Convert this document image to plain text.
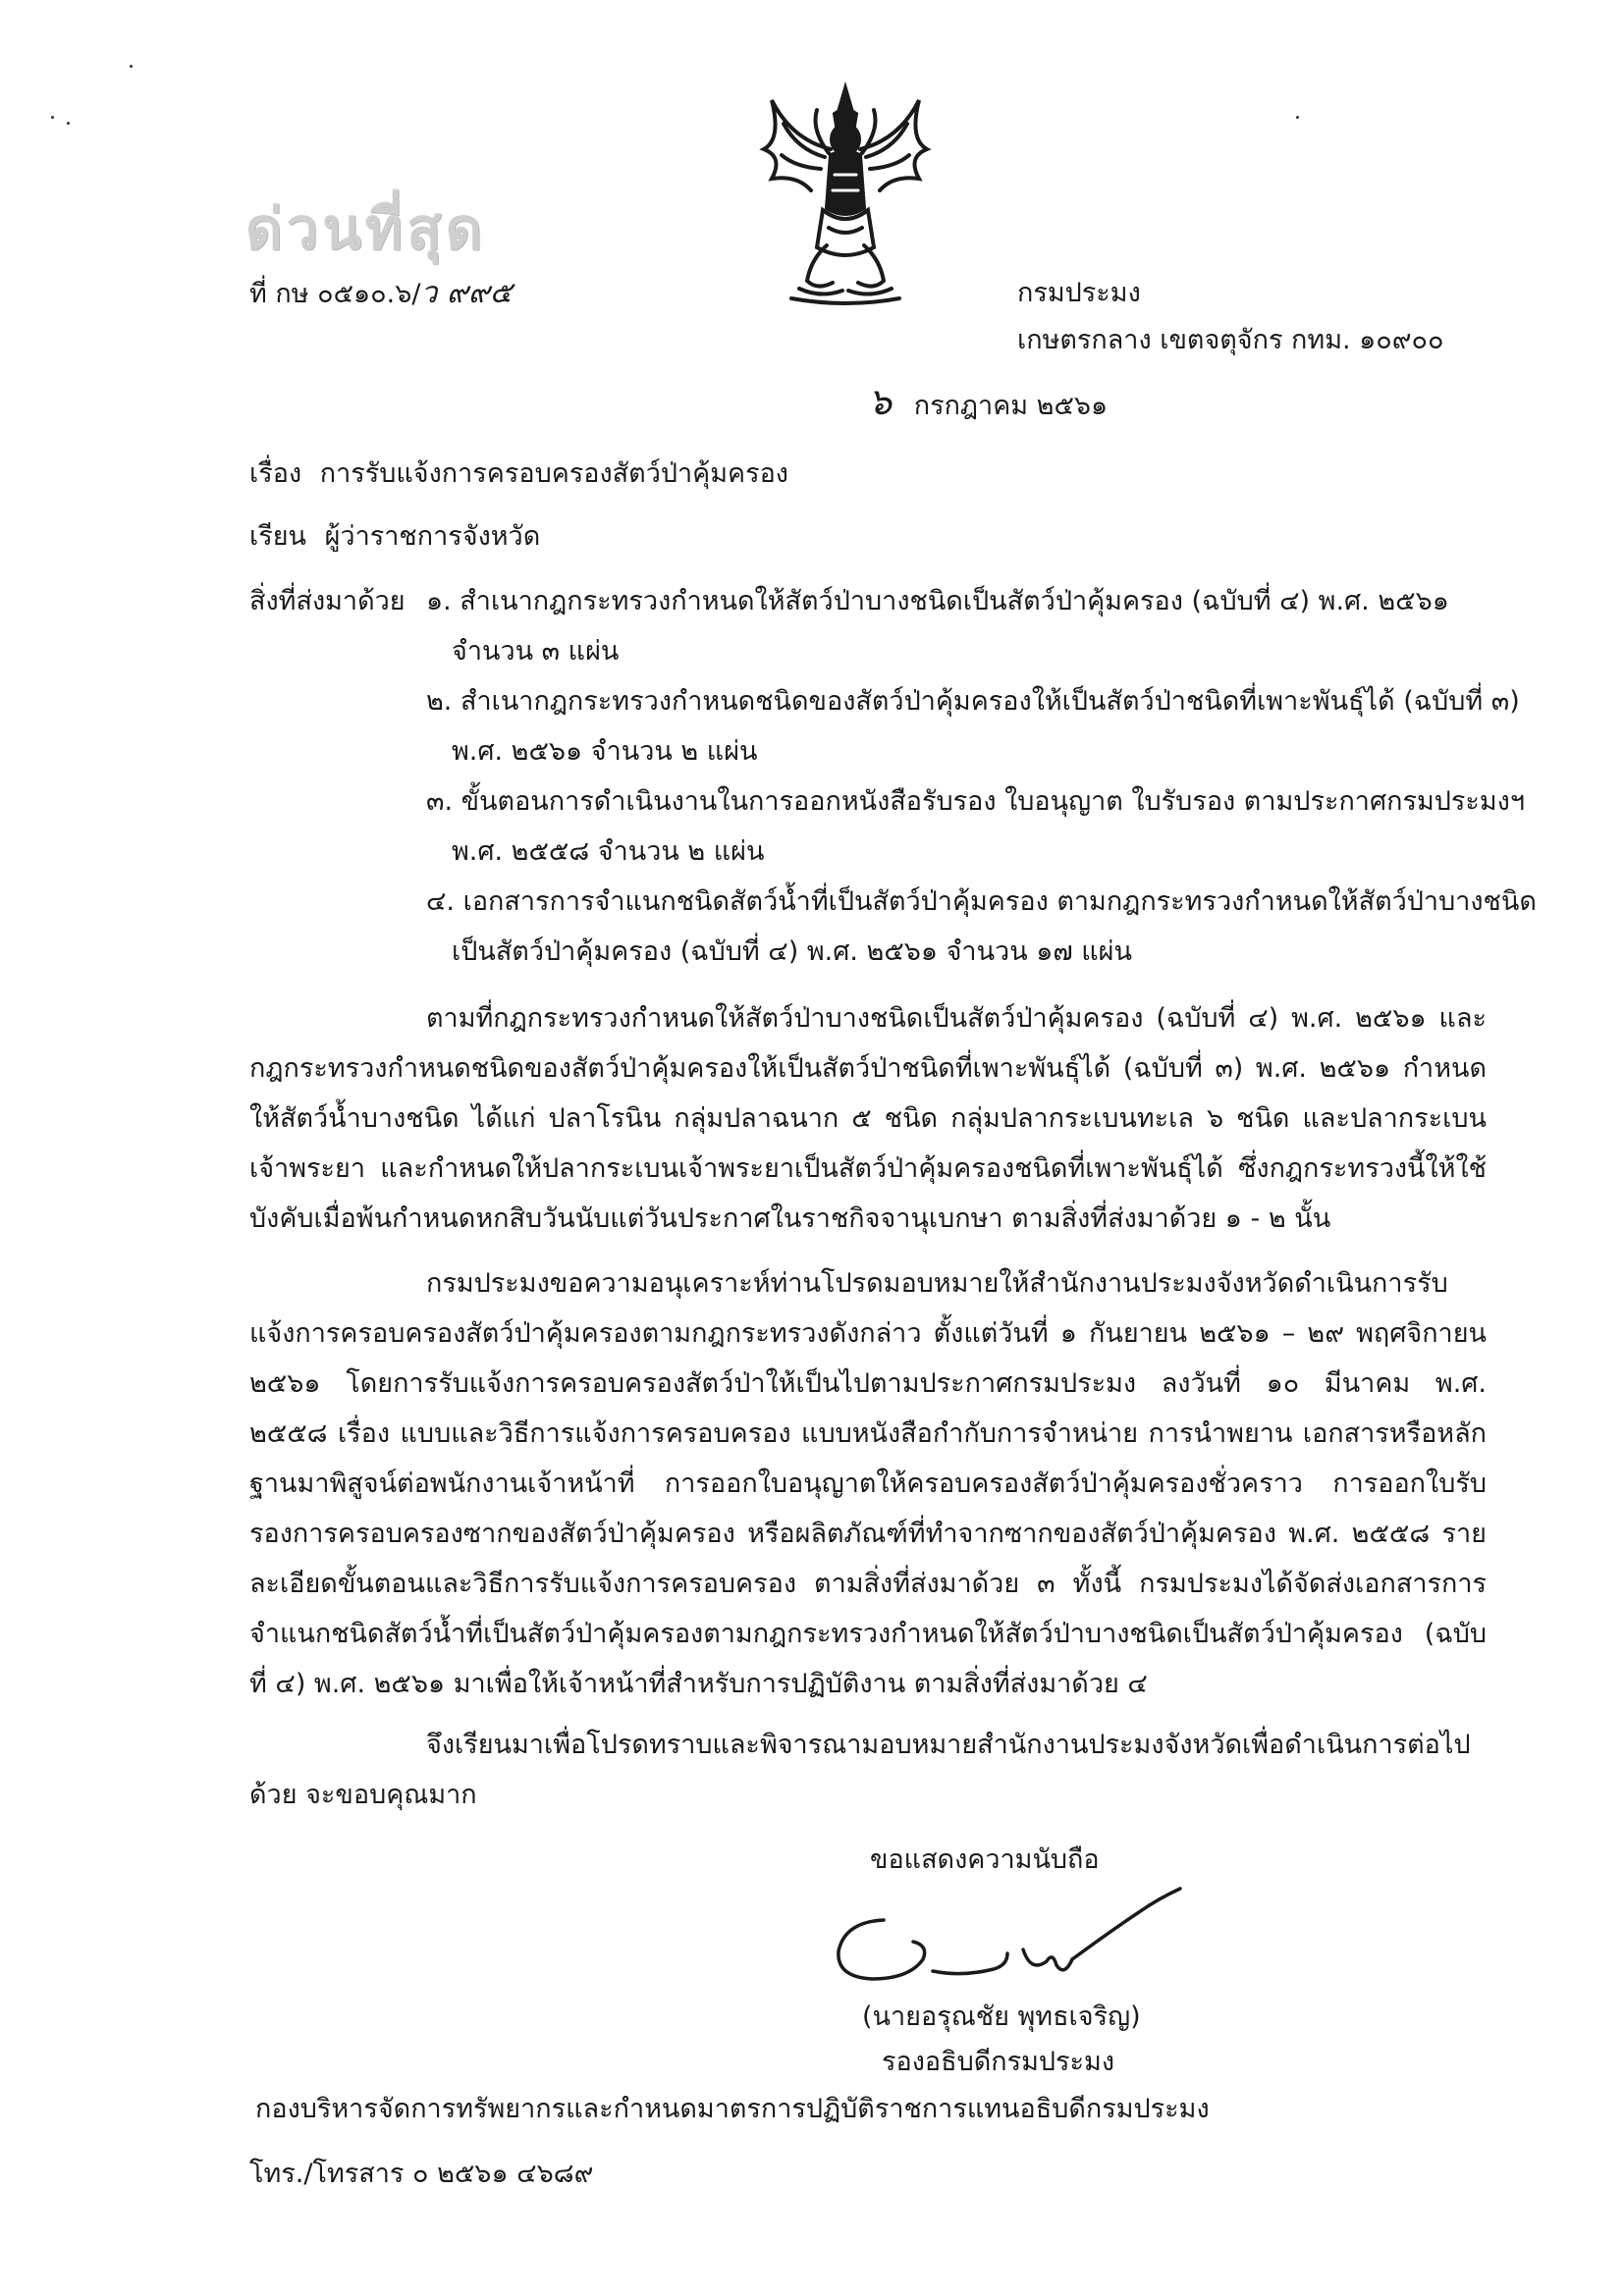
ด่วนที่สุด
ที่ กษ ๐๕๑๐.๖/ว ๙๙๕	กรมประมง
เกษตรกลาง เขตจตุจักร กทม. ๑๐๙๐๐
๖ กรกฎาคม ๒๕๖๑
เรื่อง การรับแจ้งการครอบครองสัตว์ป่าคุ้มครอง
เรียน ผู้ว่าราชการจังหวัด
สิ่งที่ส่งมาด้วย ๑. สำเนากฎกระทรวงกำหนดให้สัตว์ป่าบางชนิดเป็นสัตว์ป่าคุ้มครอง (ฉบับที่ ๔) พ.ศ. ๒๕๖๑
จำนวน ๓ แผ่น
๒. สำเนากฎกระทรวงกำหนดชนิดของสัตว์ป่าคุ้มครองให้เป็นสัตว์ป่าชนิดที่เพาะพันธุ์ได้ (ฉบับที่ ๓)
พ.ศ. ๒๕๖๑ จำนวน ๒ แผ่น
๓. ขั้นตอนการดำเนินงานในการออกหนังสือรับรอง ใบอนุญาต ใบรับรอง ตามประกาศกรมประมงฯ
พ.ศ. ๒๕๕๘ จำนวน ๒ แผ่น
๔. เอกสารการจำแนกชนิดสัตว์น้ำที่เป็นสัตว์ป่าคุ้มครอง ตามกฎกระทรวงกำหนดให้สัตว์ป่าบางชนิด
เป็นสัตว์ป่าคุ้มครอง (ฉบับที่ ๔) พ.ศ. ๒๕๖๑ จำนวน ๑๗ แผ่น
ตามที่กฎกระทรวงกำหนดให้สัตว์ป่าบางชนิดเป็นสัตว์ป่าคุ้มครอง (ฉบับที่ ๔) พ.ศ. ๒๕๖๑ และกฎกระทรวงกำหนดชนิดของสัตว์ป่าคุ้มครองให้เป็นสัตว์ป่าชนิดที่เพาะพันธุ์ได้ (ฉบับที่ ๓) พ.ศ. ๒๕๖๑ กำหนดให้สัตว์น้ำบางชนิด ได้แก่ ปลาโรนิน กลุ่มปลาฉนาก ๕ ชนิด กลุ่มปลากระเบนทะเล ๖ ชนิด และปลากระเบนเจ้าพระยา และกำหนดให้ปลากระเบนเจ้าพระยาเป็นสัตว์ป่าคุ้มครองชนิดที่เพาะพันธุ์ได้ ซึ่งกฎกระทรวงนี้ให้ใช้บังคับเมื่อพ้นกำหนดหกสิบวันนับแต่วันประกาศในราชกิจจานุเบกษา ตามสิ่งที่ส่งมาด้วย ๑ - ๒ นั้น
กรมประมงขอความอนุเคราะห์ท่านโปรดมอบหมายให้สำนักงานประมงจังหวัดดำเนินการรับแจ้งการครอบครองสัตว์ป่าคุ้มครองตามกฎกระทรวงดังกล่าว ตั้งแต่วันที่ ๑ กันยายน ๒๕๖๑ – ๒๙ พฤศจิกายน ๒๕๖๑ โดยการรับแจ้งการครอบครองสัตว์ป่าให้เป็นไปตามประกาศกรมประมง ลงวันที่ ๑๐ มีนาคม พ.ศ. ๒๕๕๘ เรื่อง แบบและวิธีการแจ้งการครอบครอง แบบหนังสือกำกับการจำหน่าย การนำพยาน เอกสารหรือหลักฐานมาพิสูจน์ต่อพนักงานเจ้าหน้าที่ การออกใบอนุญาตให้ครอบครองสัตว์ป่าคุ้มครองชั่วคราว การออกใบรับรองการครอบครองซากของสัตว์ป่าคุ้มครอง หรือผลิตภัณฑ์ที่ทำจากซากของสัตว์ป่าคุ้มครอง พ.ศ. ๒๕๕๘ รายละเอียดขั้นตอนและวิธีการรับแจ้งการครอบครอง ตามสิ่งที่ส่งมาด้วย ๓ ทั้งนี้ กรมประมงได้จัดส่งเอกสารการจำแนกชนิดสัตว์น้ำที่เป็นสัตว์ป่าคุ้มครองตามกฎกระทรวงกำหนดให้สัตว์ป่าบางชนิดเป็นสัตว์ป่าคุ้มครอง (ฉบับที่ ๔) พ.ศ. ๒๕๖๑ มาเพื่อให้เจ้าหน้าที่สำหรับการปฏิบัติงาน ตามสิ่งที่ส่งมาด้วย ๔
จึงเรียนมาเพื่อโปรดทราบและพิจารณามอบหมายสำนักงานประมงจังหวัดเพื่อดำเนินการต่อไปด้วย จะขอบคุณมาก
ขอแสดงความนับถือ
(นายอรุณชัย พุทธเจริญ)
รองอธิบดีกรมประมง
กองบริหารจัดการทรัพยากรและกำหนดมาตรการปฏิบัติราชการแทนอธิบดีกรมประมง
โทร./โทรสาร ๐ ๒๕๖๑ ๔๖๘๙
